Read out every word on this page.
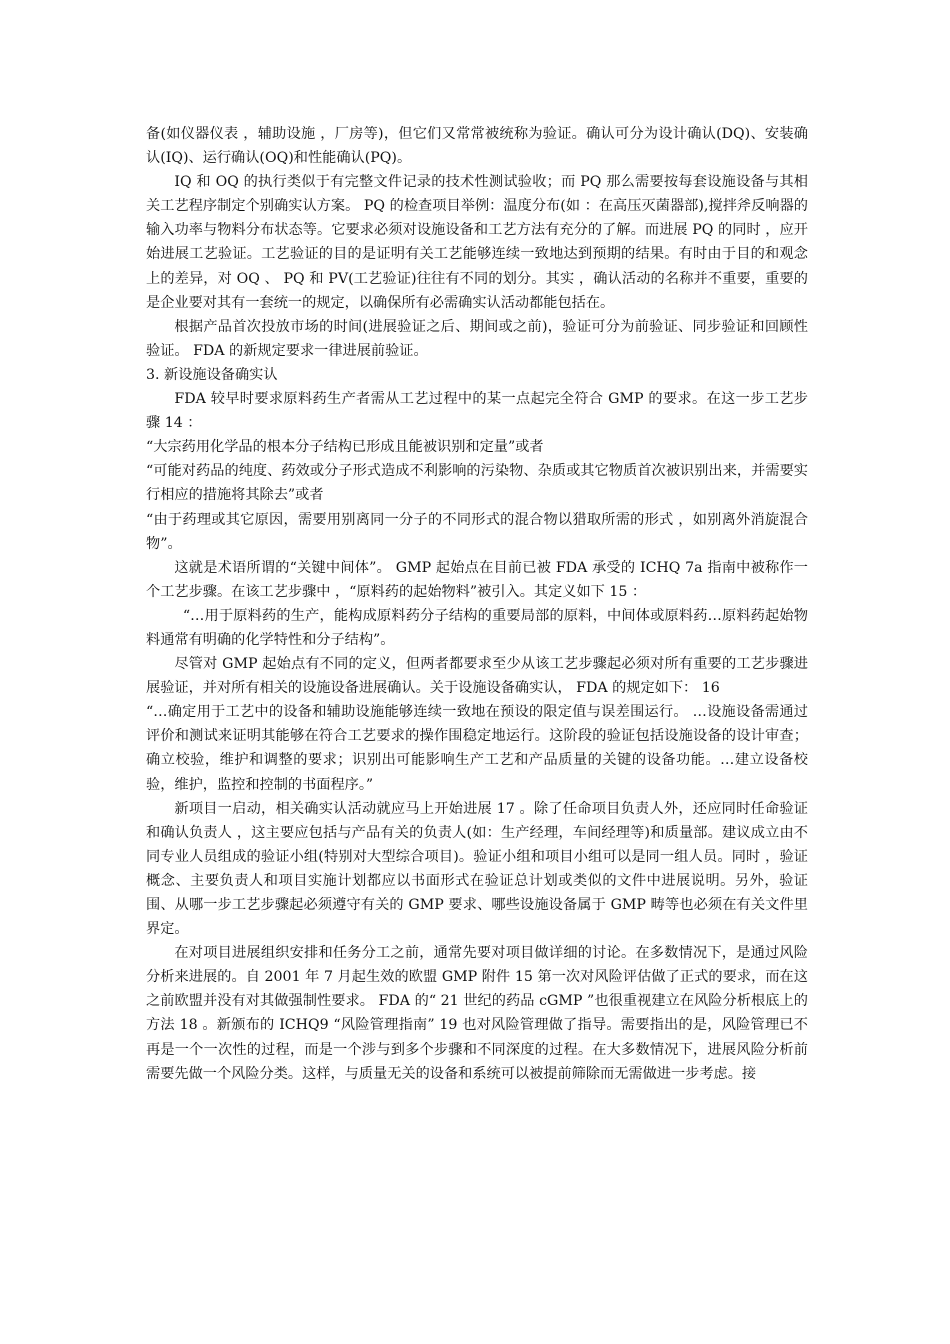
备(如仪器仪表 ，辅助设施 ，厂房等)，但它们又常常被统称为验证。确认可分为设计确认(DQ)、安装确认(IQ)、运行确认(OQ)和性能确认(PQ)。

IQ 和 OQ 的执行类似于有完整文件记录的技术性测试验收；而 PQ 那么需要按每套设施设备与其相关工艺程序制定个别确实认方案。 PQ 的检查项目举例：温度分布(如 ：在高压灭菌器部),搅拌斧反响器的输入功率与物料分布状态等。它要求必须对设施设备和工艺方法有充分的了解。而进展 PQ 的同时 ，应开始进展工艺验证。工艺验证的目的是证明有关工艺能够连续一致地达到预期的结果。有时由于目的和观念上的差异，对 OQ 、 PQ 和 PV(工艺验证)往往有不同的划分。其实 ，确认活动的名称并不重要，重要的是企业要对其有一套统一的规定，以确保所有必需确实认活动都能包括在。

根据产品首次投放市场的时间(进展验证之后、期间或之前)，验证可分为前验证、同步验证和回顾性验证。 FDA 的新规定要求一律进展前验证。

3. 新设施设备确实认

FDA 较早时要求原料药生产者需从工艺过程中的某一点起完全符合 GMP 的要求。在这一步工艺步骤 14 ：

“大宗药用化学品的根本分子结构已形成且能被识别和定量”或者

“可能对药品的纯度、药效或分子形式造成不利影响的污染物、杂质或其它物质首次被识别出来，并需要实行相应的措施将其除去”或者

“由于药理或其它原因，需要用别离同一分子的不同形式的混合物以猎取所需的形式 ，如别离外消旋混合物”。

这就是术语所谓的“关键中间体”。 GMP 起始点在目前已被 FDA 承受的 ICHQ 7a 指南中被称作一个工艺步骤。在该工艺步骤中 ，“原料药的起始物料”被引入。其定义如下 15 ：

“…用于原料药的生产，能构成原料药分子结构的重要局部的原料，中间体或原料药…原料药起始物料通常有明确的化学特性和分子结构”。

尽管对 GMP 起始点有不同的定义，但两者都要求至少从该工艺步骤起必须对所有重要的工艺步骤进展验证，并对所有相关的设施设备进展确认。关于设施设备确实认， FDA 的规定如下： 16

“…确定用于工艺中的设备和辅助设施能够连续一致地在预设的限定值与误差围运行。 …设施设备需通过评价和测试来证明其能够在符合工艺要求的操作围稳定地运行。这阶段的验证包括设施设备的设计审查；确立校验，维护和调整的要求；识别出可能影响生产工艺和产品质量的关键的设备功能。…建立设备校验，维护，监控和控制的书面程序。”

新项目一启动，相关确实认活动就应马上开始进展 17 。除了任命项目负责人外，还应同时任命验证和确认负责人 ，这主要应包括与产品有关的负责人(如：生产经理，车间经理等)和质量部。建议成立由不同专业人员组成的验证小组(特别对大型综合项目)。验证小组和项目小组可以是同一组人员。同时 ，验证概念、主要负责人和项目实施计划都应以书面形式在验证总计划或类似的文件中进展说明。另外，验证围、从哪一步工艺步骤起必须遵守有关的 GMP 要求、哪些设施设备属于 GMP 畴等也必须在有关文件里界定。

在对项目进展组织安排和任务分工之前，通常先要对项目做详细的讨论。在多数情况下，是通过风险分析来进展的。自 2001 年 7 月起生效的欧盟 GMP 附件 15 第一次对风险评估做了正式的要求，而在这之前欧盟并没有对其做强制性要求。 FDA 的“ 21 世纪的药品 cGMP ”也很重视建立在风险分析根底上的方法 18 。新颁布的 ICHQ9 “风险管理指南” 19 也对风险管理做了指导。需要指出的是，风险管理已不再是一个一次性的过程，而是一个涉与到多个步骤和不同深度的过程。在大多数情况下，进展风险分析前需要先做一个风险分类。这样，与质量无关的设备和系统可以被提前筛除而无需做进一步考虑。接
